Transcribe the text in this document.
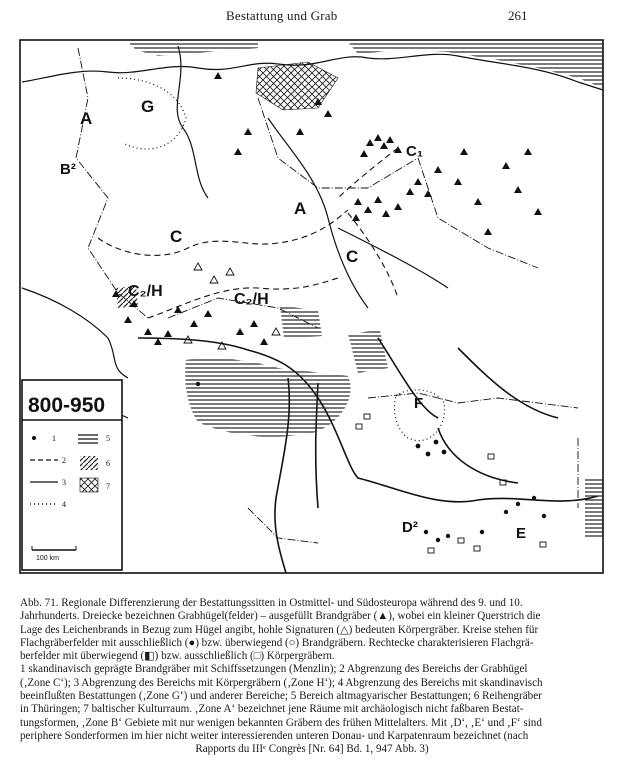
Bestattung und Grab	261
A
G
B²
C₁
A
C
C
C₂/H	C₂/H
F
D²	E
800-950
1	5
2	6
3	7
4
100 km

Abb. 71. Regionale Differenzierung der Bestattungssitten in Ostmittel- und Südosteuropa während des 9. und 10.

Jahrhunderts. Dreiecke bezeichnen Grabhügel(felder) – ausgefüllt Brandgräber (▲), wobei ein kleiner Querstrich die

Lage des Leichenbrands in Bezug zum Hügel angibt, hohle Signaturen (△) bedeuten Körpergräber. Kreise stehen für

Flachgräberfelder mit ausschließlich (●) bzw. überwiegend (○) Brandgräbern. Rechtecke charakterisieren Flachgrä-

berfelder mit überwiegend (◧) bzw. ausschließlich (□) Körpergräbern.

1 skandinavisch geprägte Brandgräber mit Schiffssetzungen (Menzlin); 2 Abgrenzung des Bereichs der Grabhügel

(‚Zone C‘); 3 Abgrenzung des Bereichs mit Körpergräbern (‚Zone H‘); 4 Abgrenzung des Bereichs mit skandinavisch

beeinflußten Bestattungen (‚Zone G‘) und anderer Bereiche; 5 Bereich altmagyarischer Bestattungen; 6 Reihengräber

in Thüringen; 7 baltischer Kulturraum. ‚Zone A‘ bezeichnet jene Räume mit archäologisch nicht faßbaren Bestat-

tungsformen, ‚Zone B‘ Gebiete mit nur wenigen bekannten Gräbern des frühen Mittelalters. Mit ‚D‘, ‚E‘ und ‚F‘ sind

periphere Sonderformen im hier nicht weiter interessierenden unteren Donau- und Karpatenraum bezeichnet (nach

Rapports du IIIᵉ Congrès [Nr. 64] Bd. 1, 947 Abb. 3)
